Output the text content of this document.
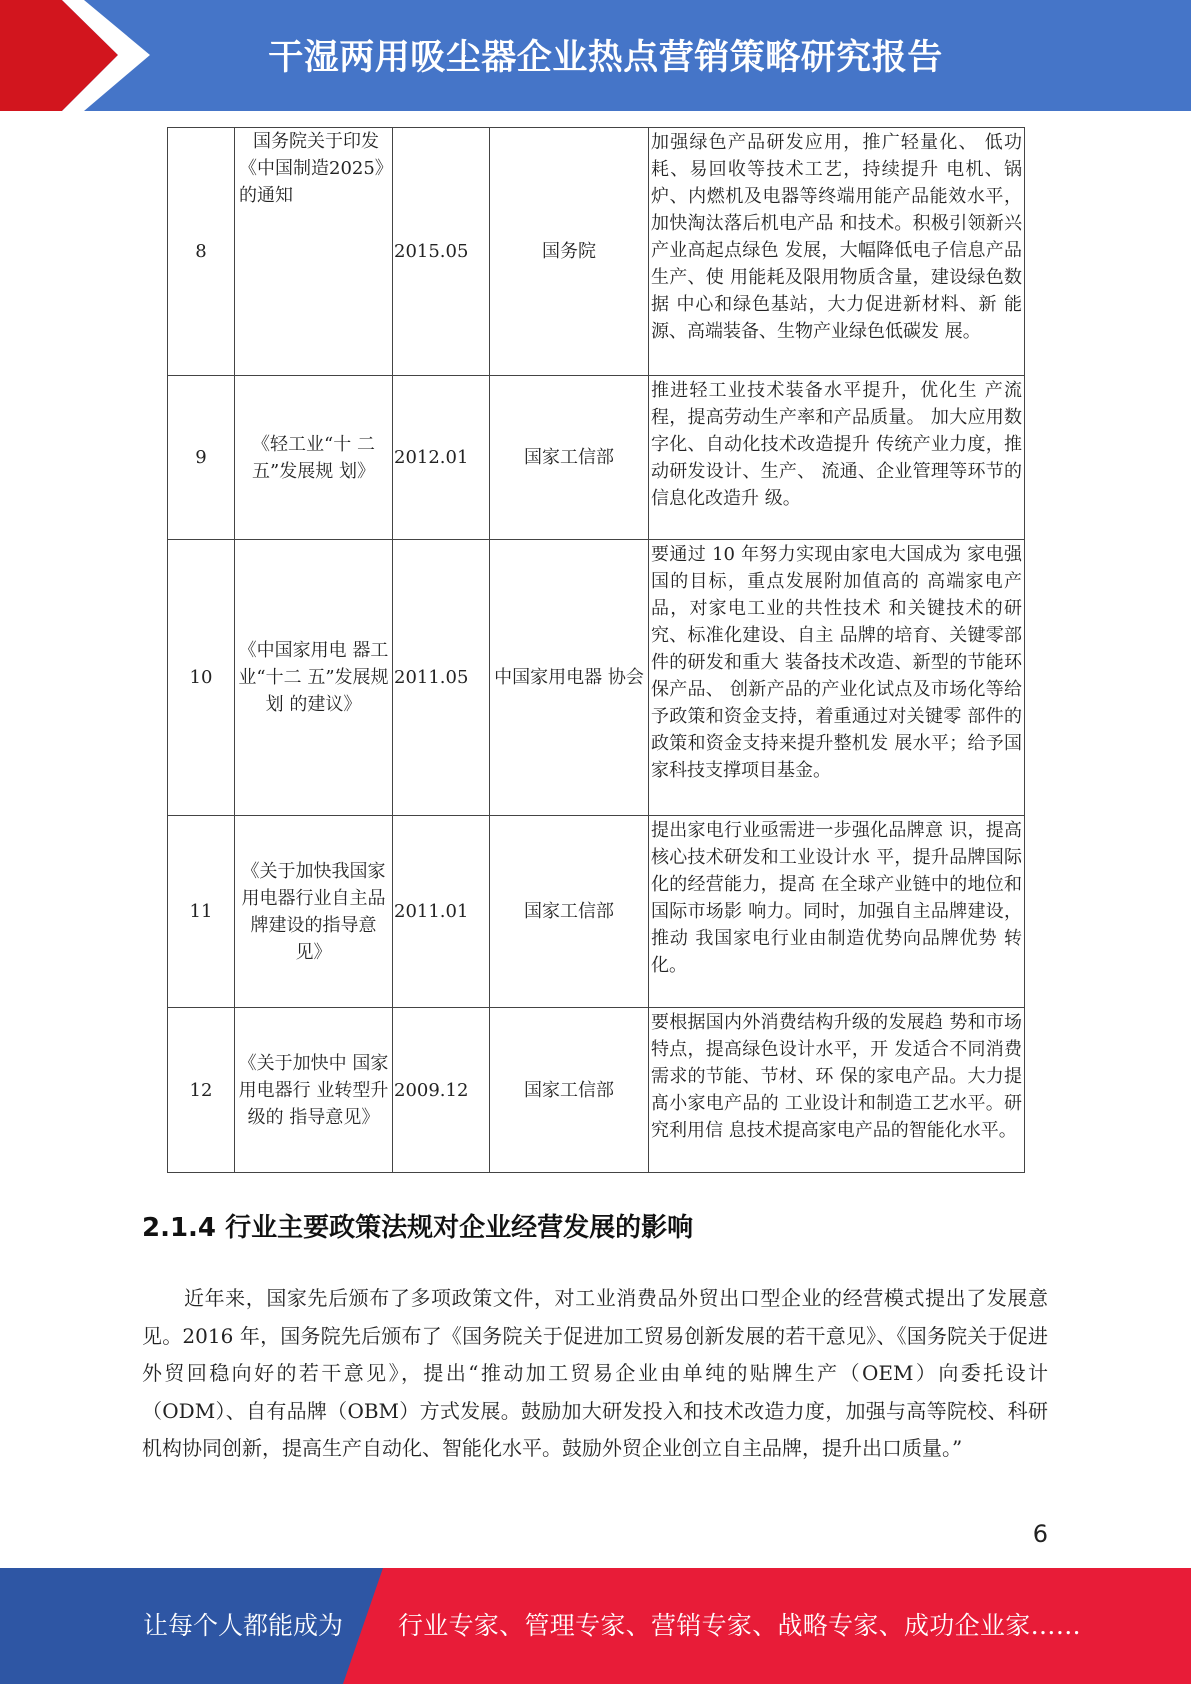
干湿两用吸尘器企业热点营销策略研究报告
8	国务院关于印发《中国制造2025》的通知	2015.05	国务院	加强绿色产品研发应用，推广轻量化、 低功耗、易回收等技术工艺，持续提升 电机、锅炉、内燃机及电器等终端用能产品能效水平，加快淘汰落后机电产品 和技术。积极引领新兴产业高起点绿色 发展，大幅降低电子信息产品生产、使 用能耗及限用物质含量，建设绿色数据 中心和绿色基站，大力促进新材料、新 能源、高端装备、生物产业绿色低碳发 展。
9	《轻工业“十 二五”发展规 划》	2012.01	国家工信部	推进轻工业技术装备水平提升，优化生 产流程，提高劳动生产率和产品质量。 加大应用数字化、自动化技术改造提升 传统产业力度，推动研发设计、生产、 流通、企业管理等环节的信息化改造升 级。
10	《中国家用电 器工业“十二 五”发展规划 的建议》	2011.05	中国家用电器 协会	要通过 10 年努力实现由家电大国成为 家电强国的目标，重点发展附加值高的 高端家电产品，对家电工业的共性技术 和关键技术的研究、标准化建设、自主 品牌的培育、关键零部件的研发和重大 装备技术改造、新型的节能环保产品、 创新产品的产业化试点及市场化等给 予政策和资金支持，着重通过对关键零 部件的政策和资金支持来提升整机发 展水平；给予国家科技支撑项目基金。
11	《关于加快我国家用电器行业自主品牌建设的指导意 见》	2011.01	国家工信部	提出家电行业亟需进一步强化品牌意 识，提高核心技术研发和工业设计水 平，提升品牌国际化的经营能力，提高 在全球产业链中的地位和国际市场影 响力。同时，加强自主品牌建设，推动 我国家电行业由制造优势向品牌优势 转化。
12	《关于加快中 国家用电器行 业转型升级的 指导意见》	2009.12	国家工信部	要根据国内外消费结构升级的发展趋 势和市场特点，提高绿色设计水平，开 发适合不同消费需求的节能、节材、环 保的家电产品。大力提髙小家电产品的 工业设计和制造工艺水平。研究利用信 息技术提高家电产品的智能化水平。
2.1.4 行业主要政策法规对企业经营发展的影响

近年来，国家先后颁布了多项政策文件，对工业消费品外贸出口型企业的经营模式提出了发展意见。2016 年，国务院先后颁布了《国务院关于促进加工贸易创新发展的若干意见》、《国务院关于促进外贸回稳向好的若干意见》，提出“推动加工贸易企业由单纯的贴牌生产（OEM）向委托设计（ODM）、自有品牌（OBM）方式发展。鼓励加大研发投入和技术改造力度，加强与高等院校、科研机构协同创新，提高生产自动化、智能化水平。鼓励外贸企业创立自主品牌，提升出口质量。”

6
让每个人都能成为 行业专家、管理专家、营销专家、战略专家、成功企业家……
